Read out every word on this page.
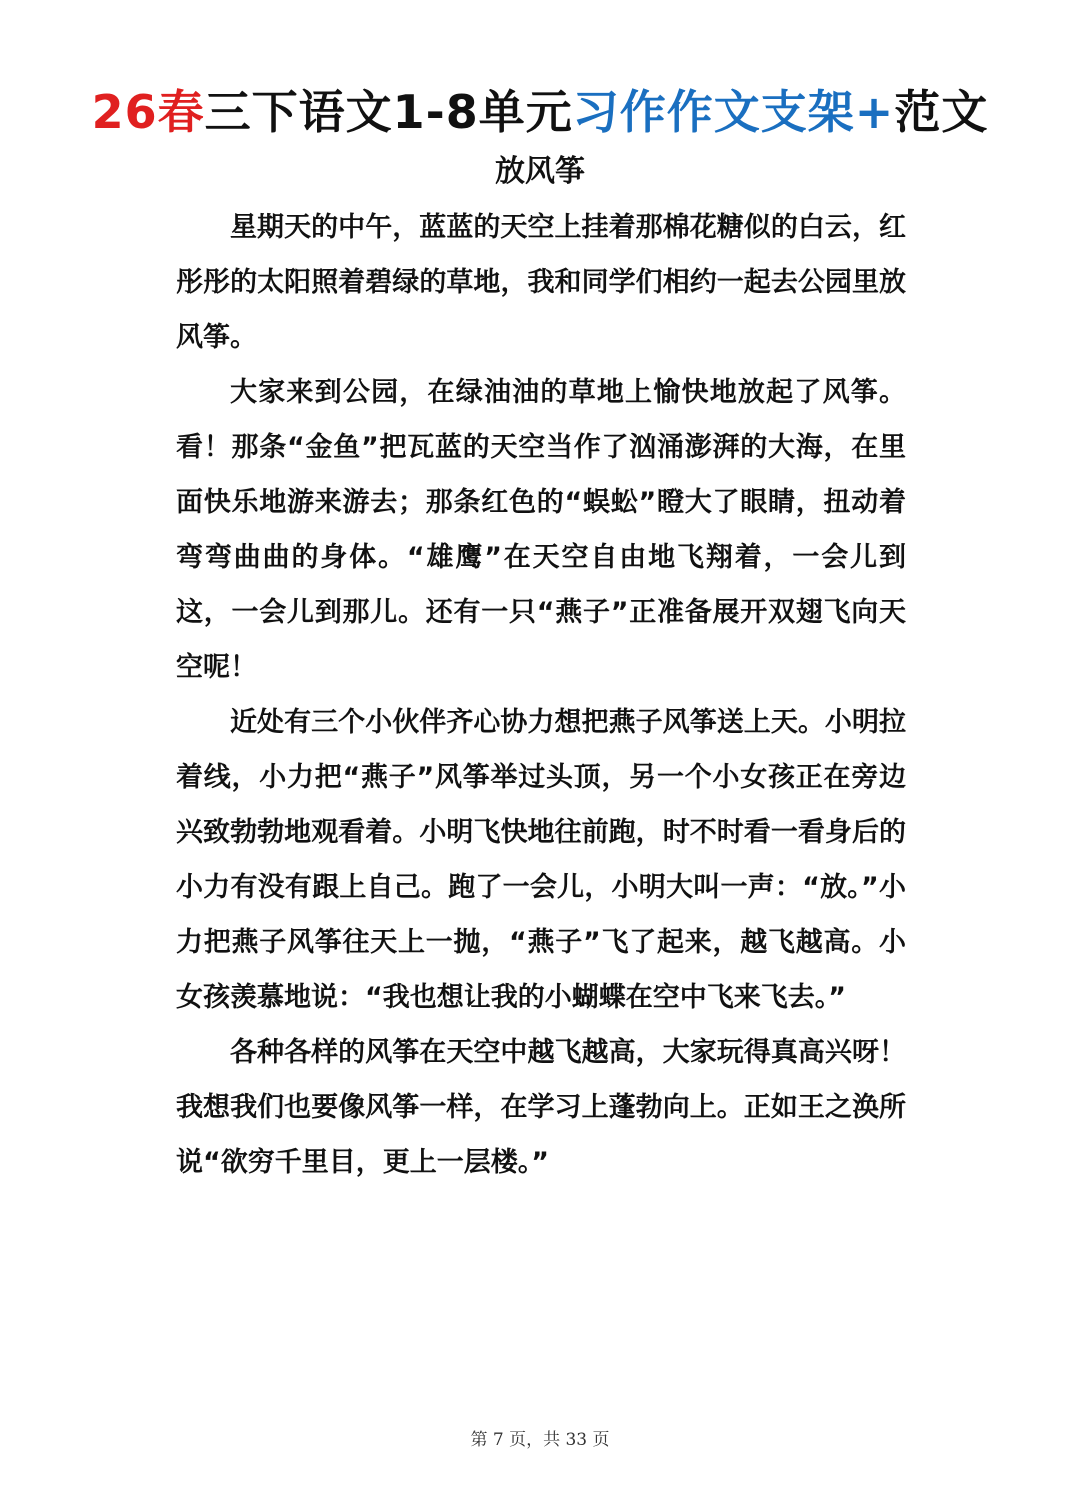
26春三下语文1-8单元习作作文支架+范文
放风筝

星期天的中午，蓝蓝的天空上挂着那棉花糖似的白云，红彤彤的太阳照着碧绿的草地，我和同学们相约一起去公园里放风筝。

大家来到公园，在绿油油的草地上愉快地放起了风筝。看！那条“金鱼”把瓦蓝的天空当作了汹涌澎湃的大海，在里面快乐地游来游去；那条红色的“蜈蚣”瞪大了眼睛，扭动着弯弯曲曲的身体。“雄鹰”在天空自由地飞翔着，一会儿到这，一会儿到那儿。还有一只“燕子”正准备展开双翅飞向天空呢！

近处有三个小伙伴齐心协力想把燕子风筝送上天。小明拉着线，小力把“燕子”风筝举过头顶，另一个小女孩正在旁边兴致勃勃地观看着。小明飞快地往前跑，时不时看一看身后的小力有没有跟上自己。跑了一会儿，小明大叫一声：“放。”小力把燕子风筝往天上一抛，“燕子”飞了起来，越飞越高。小女孩羡慕地说：“我也想让我的小蝴蝶在空中飞来飞去。”

各种各样的风筝在天空中越飞越高，大家玩得真高兴呀！我想我们也要像风筝一样，在学习上蓬勃向上。正如王之涣所说“欲穷千里目，更上一层楼。”

第 7 页，共 33 页
